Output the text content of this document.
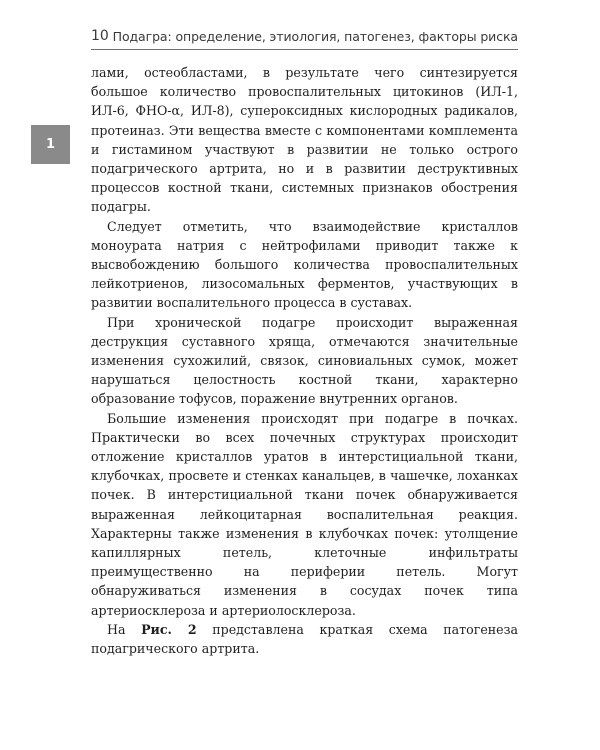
10 Подагра: определение, этиология, патогенез, факторы риска
1

лами, остеобластами, в результате чего синтезируется большое количество провоспалительных цитокинов (ИЛ-1, ИЛ-6, ФНО-α, ИЛ-8), супероксидных кислородных радикалов, протеиназ. Эти вещества вместе с компонентами комплемента и гистамином участвуют в развитии не только острого подагрического артрита, но и в развитии деструктивных процессов костной ткани, системных признаков обострения подагры.

Следует отметить, что взаимодействие кристаллов моноурата натрия с нейтрофилами приводит также к высвобождению большого количества провоспалительных лейкотриенов, лизосомальных ферментов, участвующих в развитии воспалительного процесса в суставах.

При хронической подагре происходит выраженная деструкция суставного хряща, отмечаются значительные изменения сухожилий, связок, синовиальных сумок, может нарушаться целостность костной ткани, характерно образование тофусов, поражение внутренних органов.

Большие изменения происходят при подагре в почках. Практически во всех почечных структурах происходит отложение кристаллов уратов в интерстициальной ткани, клубочках, просвете и стенках канальцев, в чашечке, лоханках почек. В интерстициальной ткани почек обнаруживается выраженная лейкоцитарная воспалительная реакция. Характерны также изменения в клубочках почек: утолщение капиллярных петель, клеточные инфильтраты преимущественно на периферии петель. Могут обнаруживаться изменения в сосудах почек типа артериосклероза и артериолосклероза.

На Рис. 2 представлена краткая схема патогенеза подагрического артрита.
